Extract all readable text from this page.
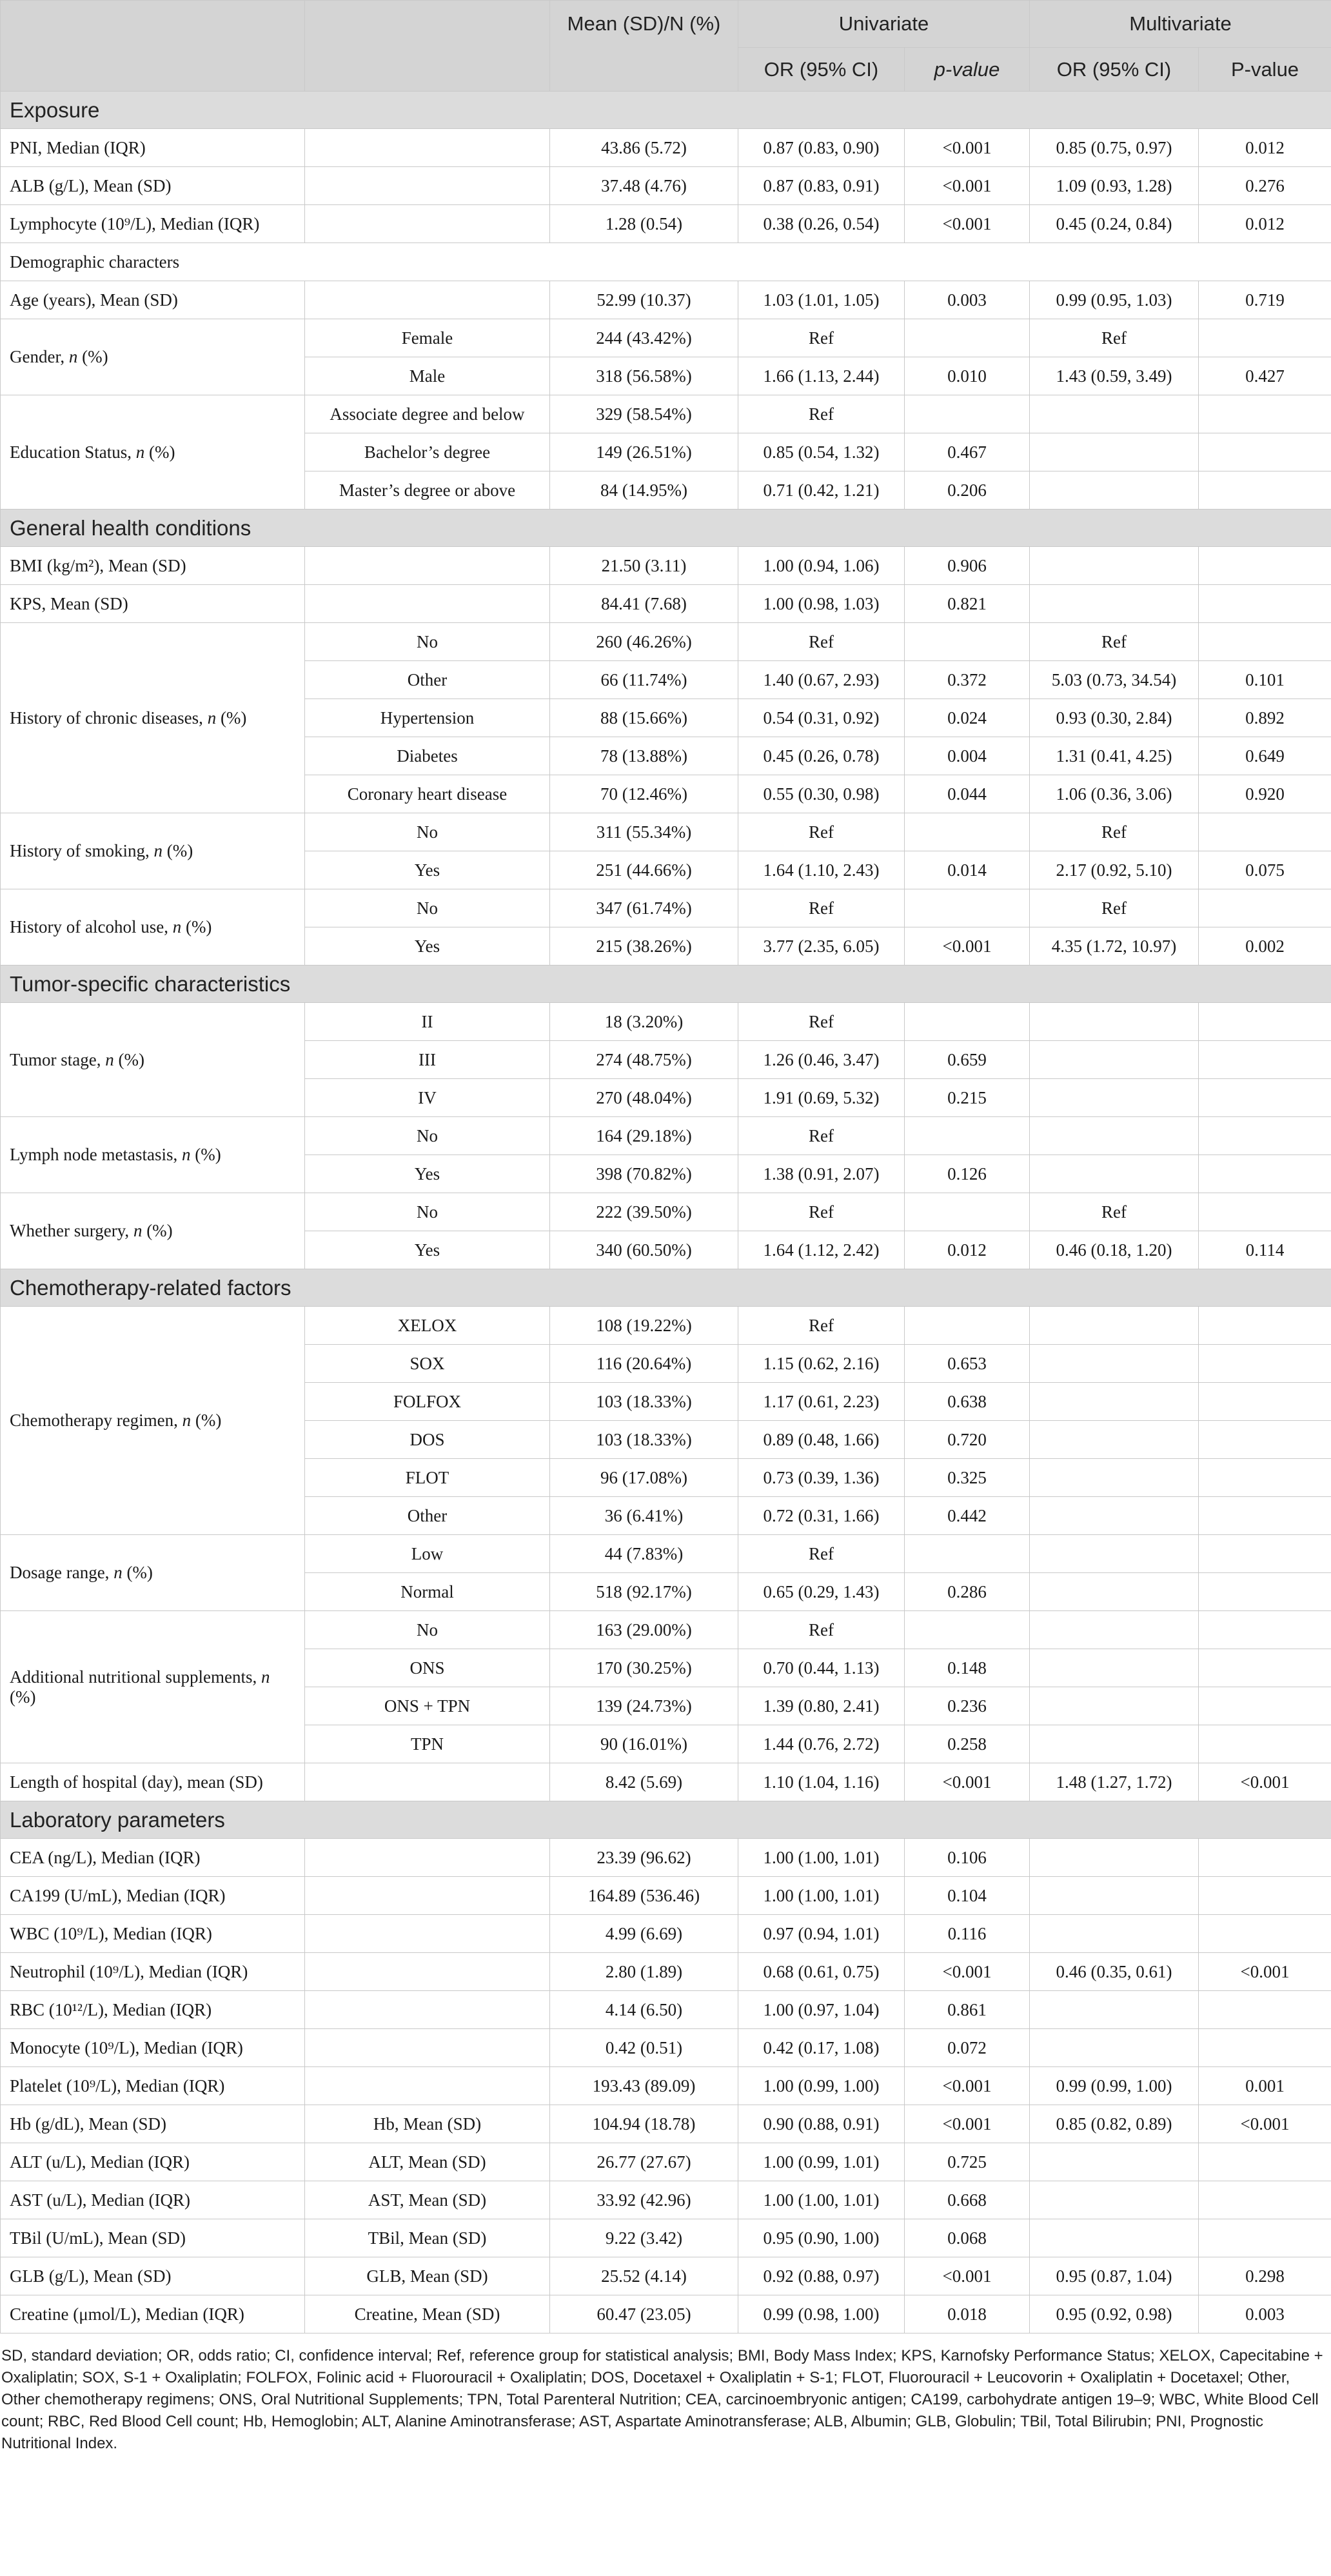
		Mean (SD)/N (%)	Univariate		Multivariate	
			OR (95% CI)	p-value	OR (95% CI)	P-value
Exposure						
PNI, Median (IQR)		43.86 (5.72)	0.87 (0.83, 0.90)	<0.001	0.85 (0.75, 0.97)	0.012
ALB (g/L), Mean (SD)		37.48 (4.76)	0.87 (0.83, 0.91)	<0.001	1.09 (0.93, 1.28)	0.276
Lymphocyte (10⁹/L), Median (IQR)		1.28 (0.54)	0.38 (0.26, 0.54)	<0.001	0.45 (0.24, 0.84)	0.012
Demographic characters						
Age (years), Mean (SD)		52.99 (10.37)	1.03 (1.01, 1.05)	0.003	0.99 (0.95, 1.03)	0.719
Gender, n (%)	Female	244 (43.42%)	Ref		Ref	
	Male	318 (56.58%)	1.66 (1.13, 2.44)	0.010	1.43 (0.59, 3.49)	0.427
Education Status, n (%)	Associate degree and below	329 (58.54%)	Ref			
	Bachelor’s degree	149 (26.51%)	0.85 (0.54, 1.32)	0.467		
	Master’s degree or above	84 (14.95%)	0.71 (0.42, 1.21)	0.206		
General health conditions						
BMI (kg/m²), Mean (SD)		21.50 (3.11)	1.00 (0.94, 1.06)	0.906		
KPS, Mean (SD)		84.41 (7.68)	1.00 (0.98, 1.03)	0.821		
History of chronic diseases, n (%)	No	260 (46.26%)	Ref		Ref	
	Other	66 (11.74%)	1.40 (0.67, 2.93)	0.372	5.03 (0.73, 34.54)	0.101
	Hypertension	88 (15.66%)	0.54 (0.31, 0.92)	0.024	0.93 (0.30, 2.84)	0.892
	Diabetes	78 (13.88%)	0.45 (0.26, 0.78)	0.004	1.31 (0.41, 4.25)	0.649
	Coronary heart disease	70 (12.46%)	0.55 (0.30, 0.98)	0.044	1.06 (0.36, 3.06)	0.920
History of smoking, n (%)	No	311 (55.34%)	Ref		Ref	
	Yes	251 (44.66%)	1.64 (1.10, 2.43)	0.014	2.17 (0.92, 5.10)	0.075
History of alcohol use, n (%)	No	347 (61.74%)	Ref		Ref	
	Yes	215 (38.26%)	3.77 (2.35, 6.05)	<0.001	4.35 (1.72, 10.97)	0.002
Tumor-specific characteristics						
Tumor stage, n (%)	II	18 (3.20%)	Ref			
	III	274 (48.75%)	1.26 (0.46, 3.47)	0.659		
	IV	270 (48.04%)	1.91 (0.69, 5.32)	0.215		
Lymph node metastasis, n (%)	No	164 (29.18%)	Ref			
	Yes	398 (70.82%)	1.38 (0.91, 2.07)	0.126		
Whether surgery, n (%)	No	222 (39.50%)	Ref		Ref	
	Yes	340 (60.50%)	1.64 (1.12, 2.42)	0.012	0.46 (0.18, 1.20)	0.114
Chemotherapy-related factors						
Chemotherapy regimen, n (%)	XELOX	108 (19.22%)	Ref			
	SOX	116 (20.64%)	1.15 (0.62, 2.16)	0.653		
	FOLFOX	103 (18.33%)	1.17 (0.61, 2.23)	0.638		
	DOS	103 (18.33%)	0.89 (0.48, 1.66)	0.720		
	FLOT	96 (17.08%)	0.73 (0.39, 1.36)	0.325		
	Other	36 (6.41%)	0.72 (0.31, 1.66)	0.442		
Dosage range, n (%)	Low	44 (7.83%)	Ref			
	Normal	518 (92.17%)	0.65 (0.29, 1.43)	0.286		
Additional nutritional supplements, n (%)	No	163 (29.00%)	Ref			
	ONS	170 (30.25%)	0.70 (0.44, 1.13)	0.148		
	ONS + TPN	139 (24.73%)	1.39 (0.80, 2.41)	0.236		
	TPN	90 (16.01%)	1.44 (0.76, 2.72)	0.258		
Length of hospital (day), mean (SD)		8.42 (5.69)	1.10 (1.04, 1.16)	<0.001	1.48 (1.27, 1.72)	<0.001
Laboratory parameters						
CEA (ng/L), Median (IQR)		23.39 (96.62)	1.00 (1.00, 1.01)	0.106		
CA199 (U/mL), Median (IQR)		164.89 (536.46)	1.00 (1.00, 1.01)	0.104		
WBC (10⁹/L), Median (IQR)		4.99 (6.69)	0.97 (0.94, 1.01)	0.116		
Neutrophil (10⁹/L), Median (IQR)		2.80 (1.89)	0.68 (0.61, 0.75)	<0.001	0.46 (0.35, 0.61)	<0.001
RBC (10¹²/L), Median (IQR)		4.14 (6.50)	1.00 (0.97, 1.04)	0.861		
Monocyte (10⁹/L), Median (IQR)		0.42 (0.51)	0.42 (0.17, 1.08)	0.072		
Platelet (10⁹/L), Median (IQR)		193.43 (89.09)	1.00 (0.99, 1.00)	<0.001	0.99 (0.99, 1.00)	0.001
Hb (g/dL), Mean (SD)	Hb, Mean (SD)	104.94 (18.78)	0.90 (0.88, 0.91)	<0.001	0.85 (0.82, 0.89)	<0.001
ALT (u/L), Median (IQR)	ALT, Mean (SD)	26.77 (27.67)	1.00 (0.99, 1.01)	0.725		
AST (u/L), Median (IQR)	AST, Mean (SD)	33.92 (42.96)	1.00 (1.00, 1.01)	0.668		
TBil (U/mL), Mean (SD)	TBil, Mean (SD)	9.22 (3.42)	0.95 (0.90, 1.00)	0.068		
GLB (g/L), Mean (SD)	GLB, Mean (SD)	25.52 (4.14)	0.92 (0.88, 0.97)	<0.001	0.95 (0.87, 1.04)	0.298
Creatine (μmol/L), Median (IQR)	Creatine, Mean (SD)	60.47 (23.05)	0.99 (0.98, 1.00)	0.018	0.95 (0.92, 0.98)	0.003
SD, standard deviation; OR, odds ratio; CI, confidence interval; Ref, reference group for statistical analysis; BMI, Body Mass Index; KPS, Karnofsky Performance Status; XELOX, Capecitabine + Oxaliplatin; SOX, S-1 + Oxaliplatin; FOLFOX, Folinic acid + Fluorouracil + Oxaliplatin; DOS, Docetaxel + Oxaliplatin + S-1; FLOT, Fluorouracil + Leucovorin + Oxaliplatin + Docetaxel; Other, Other chemotherapy regimens; ONS, Oral Nutritional Supplements; TPN, Total Parenteral Nutrition; CEA, carcinoembryonic antigen; CA199, carbohydrate antigen 19–9; WBC, White Blood Cell count; RBC, Red Blood Cell count; Hb, Hemoglobin; ALT, Alanine Aminotransferase; AST, Aspartate Aminotransferase; ALB, Albumin; GLB, Globulin; TBil, Total Bilirubin; PNI, Prognostic Nutritional Index.
